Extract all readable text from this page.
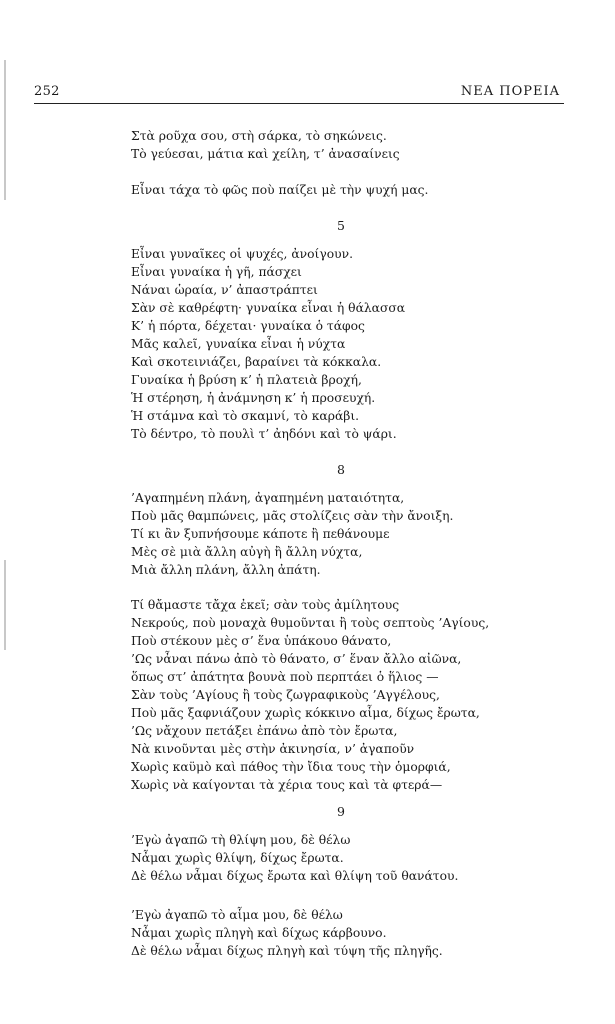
252	ΝΕΑ ΠΟΡΕΙΑ
Στὰ ροῦχα σου, στὴ σάρκα, τὸ σηκώνεις.
Τὸ γεύεσαι, μάτια καὶ χείλη, τ’ ἀνασαίνεις
Εἶναι τάχα τὸ φῶς ποὺ παίζει μὲ τὴν ψυχή μας.
5
Εἶναι γυναῖκες οἱ ψυχές, ἀνοίγουν.
Εἶναι γυναίκα ἡ γῆ, πάσχει
Νάναι ὡραία, ν’ ἀπαστράπτει
Σὰν σὲ καθρέφτη· γυναίκα εἶναι ἡ θάλασσα
Κ’ ἡ πόρτα, δέχεται· γυναίκα ὁ τάφος
Μᾶς καλεῖ, γυναίκα εἶναι ἡ νύχτα
Καὶ σκοτεινιάζει, βαραίνει τὰ κόκκαλα.
Γυναίκα ἡ βρύση κ’ ἡ πλατειὰ βροχή,
Ἡ στέρηση, ἡ ἀνάμνηση κ’ ἡ προσευχή.
Ἡ στάμνα καὶ τὸ σκαμνί, τὸ καράβι.
Τὸ δέντρο, τὸ πουλὶ τ’ ἀηδόνι καὶ τὸ ψάρι.
8
’Αγαπημένη πλάνη, ἀγαπημένη ματαιότητα,
Ποὺ μᾶς θαμπώνεις, μᾶς στολίζεις σὰν τὴν ἄνοιξη.
Τί κι ἂν ξυπνήσουμε κάποτε ἢ πεθάνουμε
Μὲς σὲ μιὰ ἄλλη αὐγὴ ἢ ἄλλη νύχτα,
Μιὰ ἄλλη πλάνη, ἄλλη ἀπάτη.
Τί θἄμαστε τἄχα ἐκεῖ; σὰν τοὺς ἀμίλητους
Νεκρούς, ποὺ μοναχὰ θυμοῦνται ἢ τοὺς σεπτοὺς ’Αγίους,
Ποὺ στέκουν μὲς σ’ ἕνα ὑπάκουο θάνατο,
’Ως νἆναι πάνω ἀπὸ τὸ θάνατο, σ’ ἕναν ἄλλο αἰῶνα,
ὅπως στ’ ἀπάτητα βουνὰ ποὺ περπτάει ὁ ἥλιος —
Σὰν τοὺς ’Αγίους ἢ τοὺς ζωγραφικοὺς ’Αγγέλους,
Ποὺ μᾶς ξαφνιάζουν χωρὶς κόκκινο αἷμα, δίχως ἔρωτα,
’Ως νἄχουν πετάξει ἐπάνω ἀπὸ τὸν ἔρωτα,
Νὰ κινοῦνται μὲς στὴν ἀκινησία, ν’ ἀγαποῦν
Χωρὶς καϋμὸ καὶ πάθος τὴν ἴδια τους τὴν ὁμορφιά,
Χωρὶς νὰ καίγονται τὰ χέρια τους καὶ τὰ φτερά—
9
’Εγὼ ἀγαπῶ τὴ θλίψη μου, δὲ θέλω
Νἆμαι χωρὶς θλίψη, δίχως ἔρωτα.
Δὲ θέλω νἆμαι δίχως ἔρωτα καὶ θλίψη τοῦ θανάτου.
’Εγὼ ἀγαπῶ τὸ αἷμα μου, δὲ θέλω
Νἆμαι χωρὶς πληγὴ καὶ δίχως κάρβουνο.
Δὲ θέλω νἆμαι δίχως πληγὴ καὶ τύψη τῆς πληγῆς.
